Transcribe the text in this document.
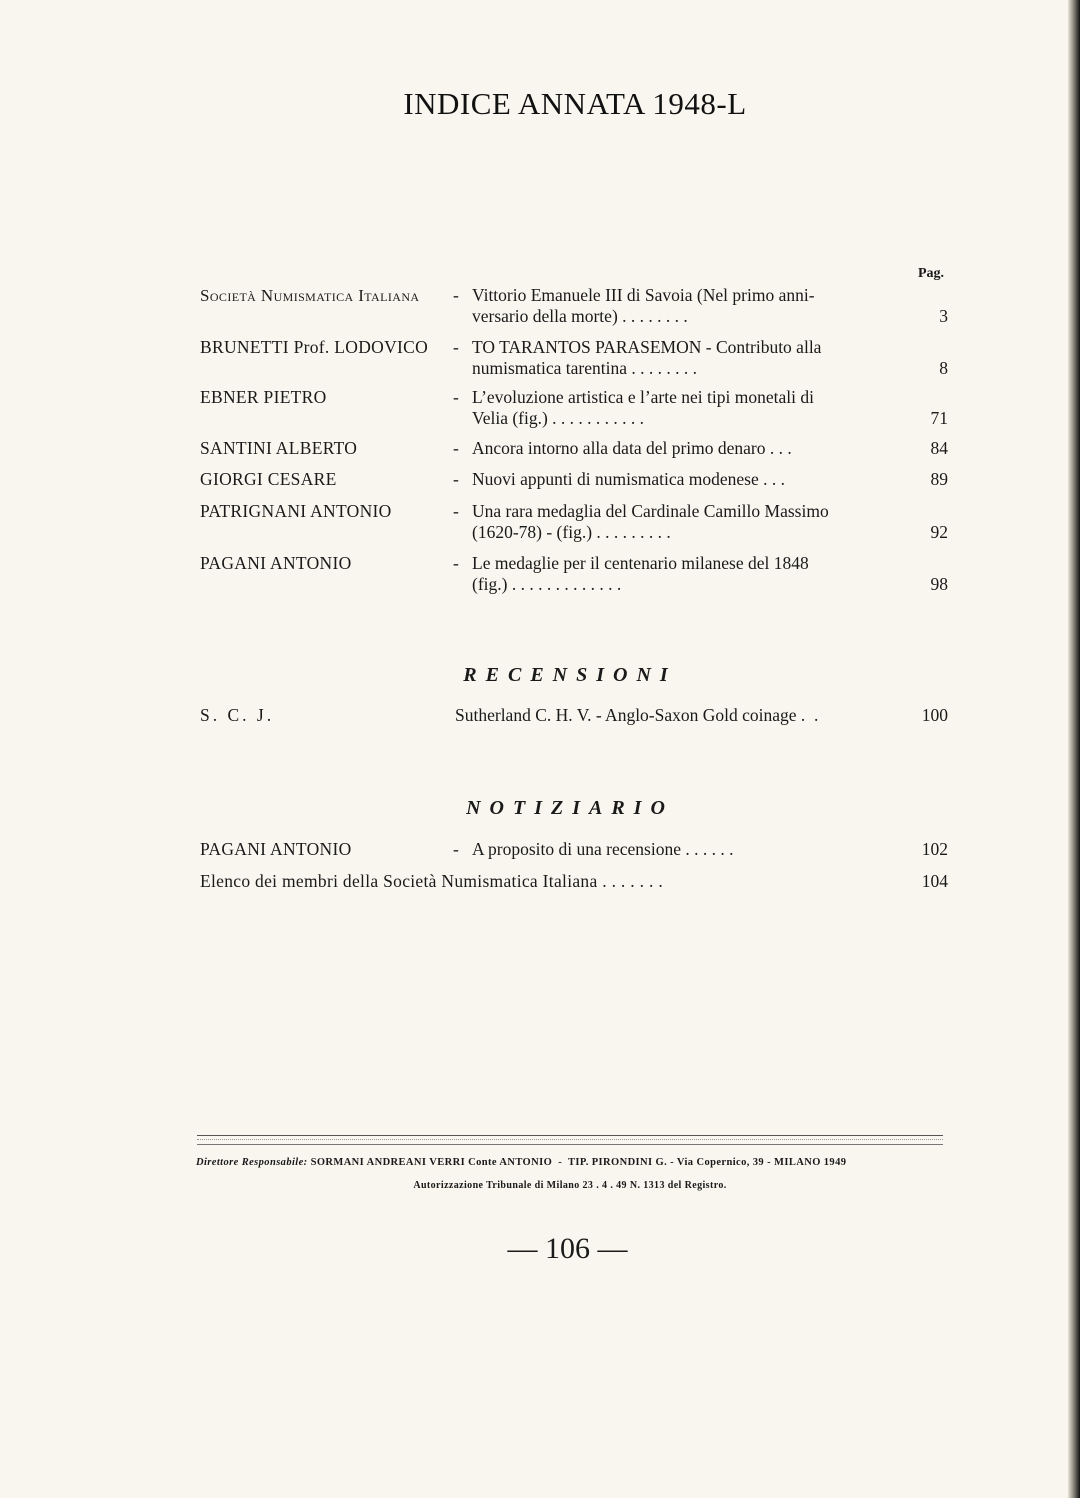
INDICE ANNATA 1948-L
Pag.
Società Numismatica Italiana - Vittorio Emanuele III di Savoia (Nel primo anni-
versario della morte) . . . . . . . .	3
BRUNETTI Prof. LODOVICO - TO TARANTOS PARASEMON - Contributo alla
numismatica tarentina . . . . . . . .	8
EBNER PIETRO	- L’evoluzione artistica e l’arte nei tipi monetali di
Velia (fig.) . . . . . . . . . . .	71
SANTINI ALBERTO	- Ancora intorno alla data del primo denaro . . .	84
GIORGI CESARE	- Nuovi appunti di numismatica modenese . . .	89
PATRIGNANI ANTONIO	- Una rara medaglia del Cardinale Camillo Massimo
(1620-78) - (fig.) . . . . . . . . .	92
PAGANI ANTONIO	- Le medaglie per il centenario milanese del 1848
(fig.) . . . . . . . . . . . . .	98
RECENSIONI
S. C. J.	Sutherland C. H. V. - Anglo-Saxon Gold coinage .  .	100
NOTIZIARIO
PAGANI ANTONIO	- A proposito di una recensione . . . . . .	102
Elenco dei membri della Società Numismatica Italiana . . . . . . .	104
Direttore Responsabile: SORMANI ANDREANI VERRI Conte ANTONIO  -  TIP. PIRONDINI G. - Via Copernico, 39 - MILANO 1949
Autorizzazione Tribunale di Milano 23 . 4 . 49 N. 1313 del Registro.
— 106 —
